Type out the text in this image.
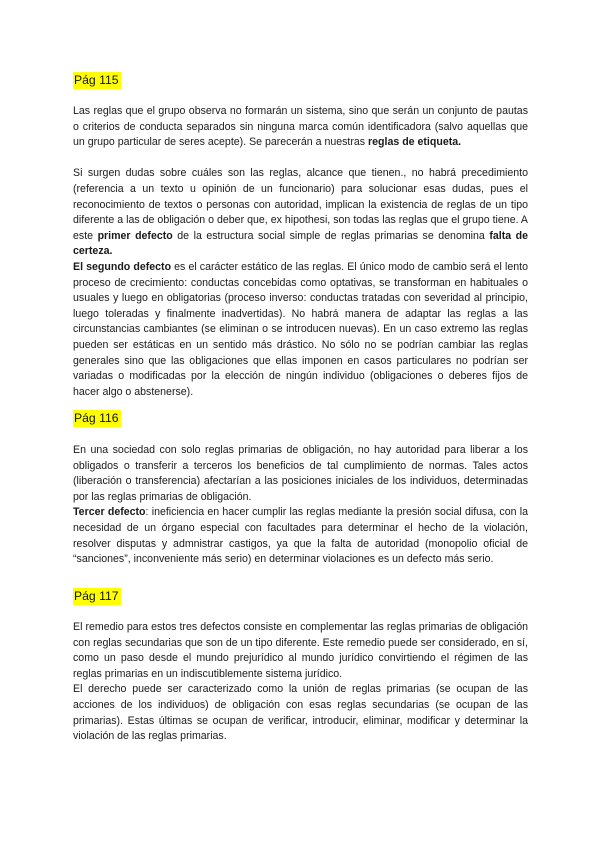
Pág 115

Las reglas que el grupo observa no formarán un sistema, sino que serán un conjunto de pautas o criterios de conducta separados sin ninguna marca común identificadora (salvo aquellas que un grupo particular de seres acepte). Se parecerán a nuestras reglas de etiqueta.

Si surgen dudas sobre cuáles son las reglas, alcance que tienen., no habrá precedimiento (referencia a un texto u opinión de un funcionario) para solucionar esas dudas, pues el reconocimiento de textos o personas con autoridad, implican la existencia de reglas de un tipo diferente a las de obligación o deber que, ex hipothesi, son todas las reglas que el grupo tiene. A este primer defecto de la estructura social simple de reglas primarias se denomina falta de certeza.

El segundo defecto es el carácter estático de las reglas. El único modo de cambio será el lento proceso de crecimiento: conductas concebidas como optativas, se transforman en habituales o usuales y luego en obligatorias (proceso inverso: conductas tratadas con severidad al principio, luego toleradas y finalmente inadvertidas). No habrá manera de adaptar las reglas a las circunstancias cambiantes (se eliminan o se introducen nuevas). En un caso extremo las reglas pueden ser estáticas en un sentido más drástico. No sólo no se podrían cambiar las reglas generales sino que las obligaciones que ellas imponen en casos particulares no podrían ser variadas o modificadas por la elección de ningún individuo (obligaciones o deberes fijos de hacer algo o abstenerse).

Pág 116

En una sociedad con solo reglas primarias de obligación, no hay autoridad para liberar a los obligados o transferir a terceros los beneficios de tal cumplimiento de normas. Tales actos (liberación o transferencia) afectarían a las posiciones iniciales de los individuos, determinadas por las reglas primarias de obligación.

Tercer defecto: ineficiencia en hacer cumplir las reglas mediante la presión social difusa, con la necesidad de un órgano especial con facultades para determinar el hecho de la violación, resolver disputas y admnistrar castigos, ya que la falta de autoridad (monopolio oficial de “sanciones”, inconveniente más serio) en determinar violaciones es un defecto más serio.

Pág 117

El remedio para estos tres defectos consiste en complementar las reglas primarias de obligación con reglas secundarias que son de un tipo diferente. Este remedio puede ser considerado, en sí, como un paso desde el mundo prejurídico al mundo jurídico convirtiendo el régimen de las reglas primarias en un indiscutiblemente sistema jurídico.

El derecho puede ser caracterizado como la unión de reglas primarias (se ocupan de las acciones de los individuos) de obligación con esas reglas secundarias (se ocupan de las primarias). Estas últimas se ocupan de verificar, introducir, eliminar, modificar y determinar la violación de las reglas primarias.
